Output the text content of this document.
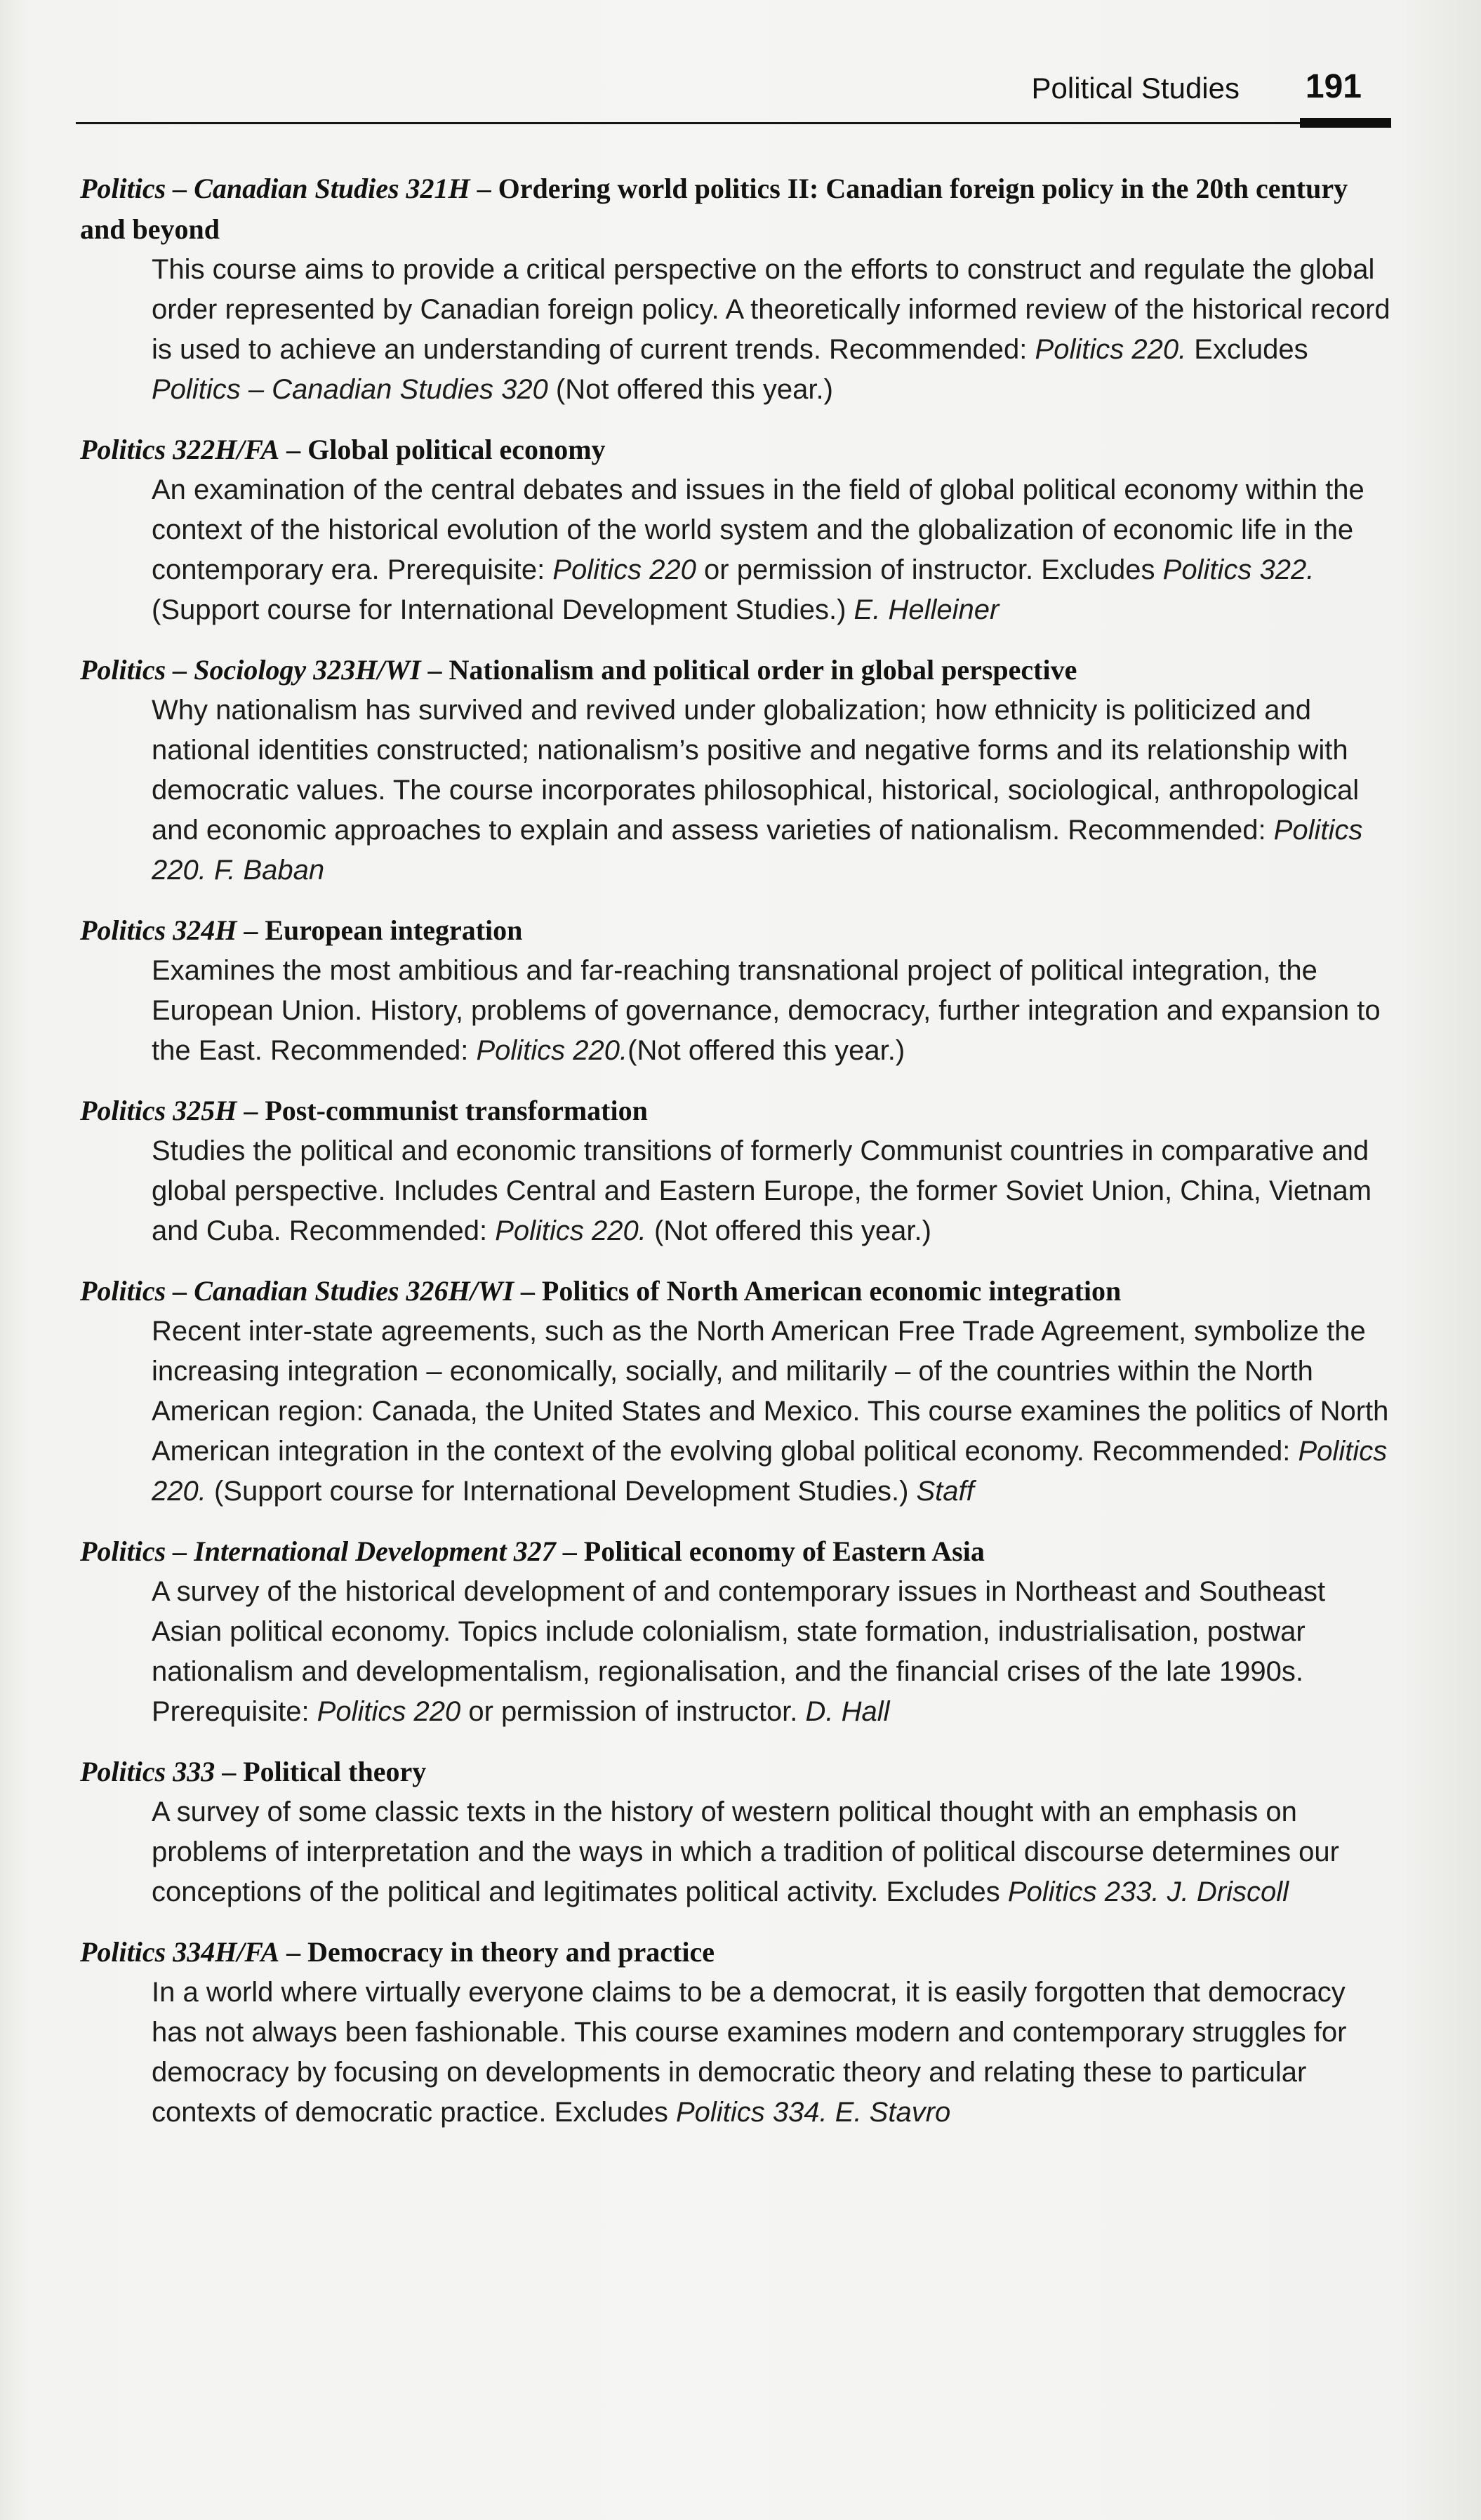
Political Studies 191
Politics – Canadian Studies 321H – Ordering world politics II: Canadian foreign policy in the 20th century and beyond
This course aims to provide a critical perspective on the efforts to construct and regulate the global order represented by Canadian foreign policy. A theoretically informed review of the historical record is used to achieve an understanding of current trends. Recommended: Politics 220. Excludes Politics – Canadian Studies 320 (Not offered this year.)
Politics 322H/FA – Global political economy
An examination of the central debates and issues in the field of global political economy within the context of the historical evolution of the world system and the globalization of economic life in the contemporary era. Prerequisite: Politics 220 or permission of instructor. Excludes Politics 322. (Support course for International Development Studies.) E. Helleiner
Politics – Sociology 323H/WI – Nationalism and political order in global perspective
Why nationalism has survived and revived under globalization; how ethnicity is politicized and national identities constructed; nationalism’s positive and negative forms and its relationship with democratic values. The course incorporates philosophical, historical, sociological, anthropological and economic approaches to explain and assess varieties of nationalism. Recommended: Politics 220. F. Baban
Politics 324H – European integration
Examines the most ambitious and far-reaching transnational project of political integration, the European Union. History, problems of governance, democracy, further integration and expansion to the East. Recommended: Politics 220.(Not offered this year.)
Politics 325H – Post-communist transformation
Studies the political and economic transitions of formerly Communist countries in comparative and global perspective. Includes Central and Eastern Europe, the former Soviet Union, China, Vietnam and Cuba. Recommended: Politics 220. (Not offered this year.)
Politics – Canadian Studies 326H/WI – Politics of North American economic integration
Recent inter-state agreements, such as the North American Free Trade Agreement, symbolize the increasing integration – economically, socially, and militarily – of the countries within the North American region: Canada, the United States and Mexico. This course examines the politics of North American integration in the context of the evolving global political economy. Recommended: Politics 220. (Support course for International Development Studies.) Staff
Politics – International Development 327 – Political economy of Eastern Asia
A survey of the historical development of and contemporary issues in Northeast and Southeast Asian political economy. Topics include colonialism, state formation, industrialisation, postwar nationalism and developmentalism, regionalisation, and the financial crises of the late 1990s. Prerequisite: Politics 220 or permission of instructor. D. Hall
Politics 333 – Political theory
A survey of some classic texts in the history of western political thought with an emphasis on problems of interpretation and the ways in which a tradition of political discourse determines our conceptions of the political and legitimates political activity. Excludes Politics 233. J. Driscoll
Politics 334H/FA – Democracy in theory and practice
In a world where virtually everyone claims to be a democrat, it is easily forgotten that democracy has not always been fashionable. This course examines modern and contemporary struggles for democracy by focusing on developments in democratic theory and relating these to particular contexts of democratic practice. Excludes Politics 334. E. Stavro
